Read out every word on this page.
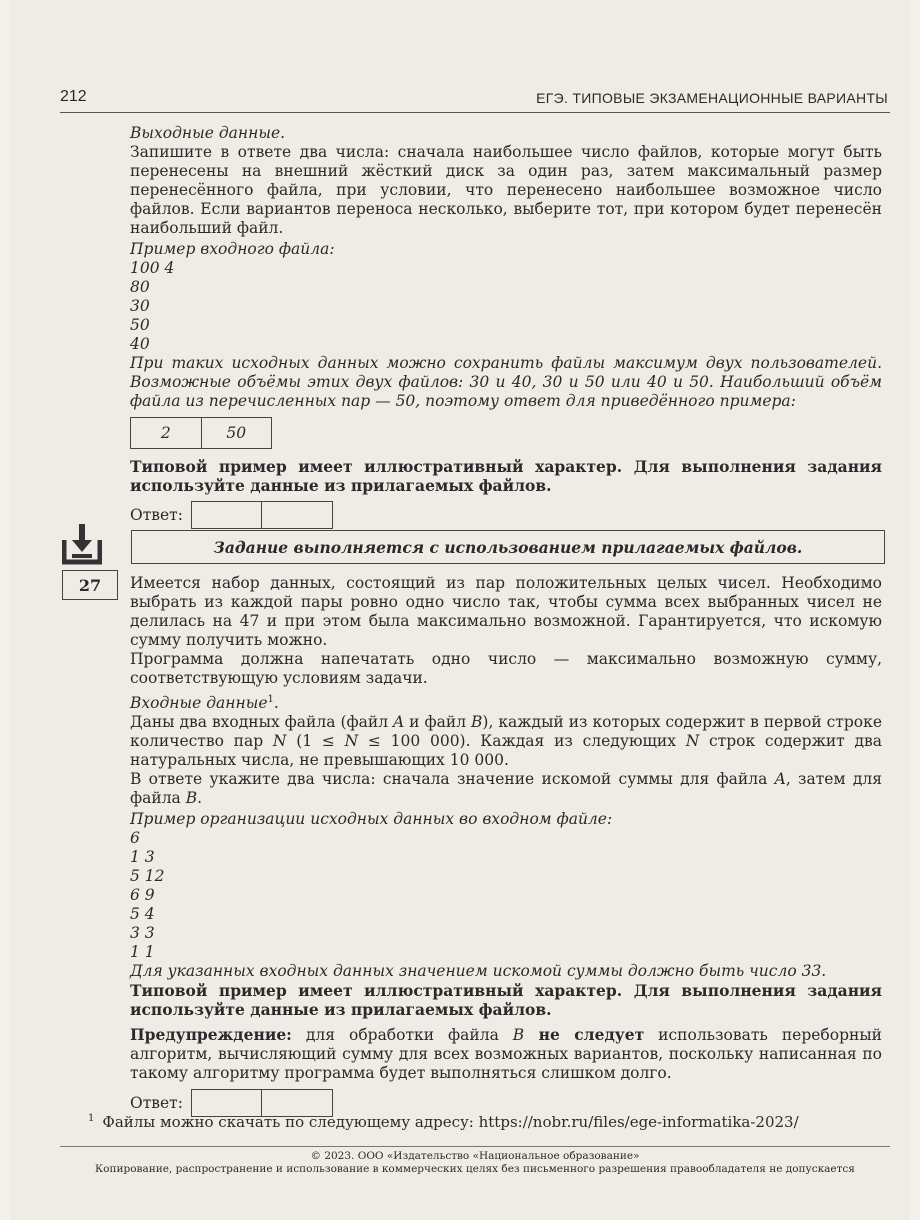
212	ЕГЭ. ТИПОВЫЕ ЭКЗАМЕНАЦИОННЫЕ ВАРИАНТЫ

Выходные данные.

Запишите в ответе два числа: сначала наибольшее число файлов, которые могут быть перенесены на внешний жёсткий диск за один раз, затем максимальный размер перенесённого файла, при условии, что перенесено наибольшее возможное число файлов. Если вариантов переноса несколько, выберите тот, при котором будет перенесён наибольший файл.

Пример входного файла:

100 4
80
30
50
40

При таких исходных данных можно сохранить файлы максимум двух пользователей. Возможные объёмы этих двух файлов: 30 и 40, 30 и 50 или 40 и 50. Наибольший объём файла из перечисленных пар — 50, поэтому ответ для приведённого примера:

2	50

Типовой пример имеет иллюстративный характер. Для выполнения задания используйте данные из прилагаемых файлов.

Ответ:
Задание выполняется с использованием прилагаемых файлов.
27	Имеется набор данных, состоящий из пар положительных целых чисел. Необходимо выбрать из каждой пары ровно одно число так, чтобы сумма всех выбранных чисел не делилась на 47 и при этом была максимально возможной. Гарантируется, что искомую сумму получить можно.

Программа должна напечатать одно число — максимально возможную сумму, соответствующую условиям задачи.

Входные данные$^1$.

Даны два входных файла (файл A и файл B), каждый из которых содержит в первой строке количество пар N (1 ≤ N ≤ 100 000). Каждая из следующих N строк содержит два натуральных числа, не превышающих 10 000.

В ответе укажите два числа: сначала значение искомой суммы для файла A, затем для файла B.

Пример организации исходных данных во входном файле:

6
1 3
5 12
6 9
5 4
3 3
1 1

Для указанных входных данных значением искомой суммы должно быть число 33.

Типовой пример имеет иллюстративный характер. Для выполнения задания используйте данные из прилагаемых файлов.

Предупреждение: для обработки файла B не следует использовать переборный алгоритм, вычисляющий сумму для всех возможных вариантов, поскольку написанная по такому алгоритму программа будет выполняться слишком долго.

Ответ:
$^1$ Файлы можно скачать по следующему адресу: https://nobr.ru/files/ege-informatika-2023/
© 2023. ООО «Издательство «Национальное образование»
Копирование, распространение и использование в коммерческих целях без письменного разрешения правообладателя не допускается
